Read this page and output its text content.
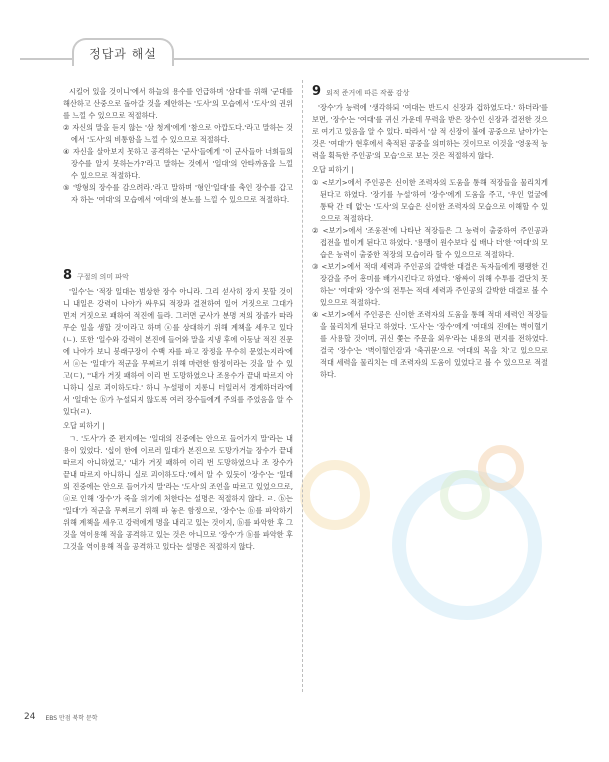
정답과 해설

시킬어 있을 것이니'에서 하늘의 용수를 언급하며 '삼대'를 위해 '군대를 해산하고 산중으로 돌아갈 것을 제안하는 '도사'의 모습에서 '도사'의 권위를 느낄 수 있으므로 적절하다.

② 자신의 말을 듣지 않는 '삼 청계'에게 '참으로 아깝도다.'라고 말하는 것에서 '도사'의 비통함을 느낄 수 있으므로 적절하다.

④ 자신을 살아보지 못하고 공격하는 '군사'들에게 '이 군사들아 너희들의 장수를 알지 못하는가?'라고 말하는 것에서 '일대'의 안타까움을 느낄 수 있으므로 적절하다.

⑤ '방형의 장수를 감으려라.'라고 말하며 '형인'일대'를 축인 장수를 갑고자 하는 '여대'의 모습에서 '여대'의 분노를 느낄 수 있으므로 적절하다.

8 구절의 의미 파악

'일수'는 '적장 일대는 범상한 장수 아니라. 그리 섣사히 장지 못할 것이니 내일은 강력이 나아가 싸우되 적장과 결전하여 일어 거짓으로 그대가 먼저 거짓으로 패하여 적진에 들라. 그러면 군사가 분명 저의 장졸가 따라 무순 일을 생할 것'이라고 하며 ⓐ를 상대하기 위해 계책을 세우고 있다(ㄴ). 또한 '일수와 강력이 본진에 들어와 말을 지냉 후에 이동날 적진 진문에 나아가 보니 봉래구장이 수백 자를 파고 장정을 무수히 문었는지라'에서 ⓐ는 '일대'가 적군을 무찌르기 위해 마련한 함정이라는 것을 알 수 있고(ㄷ), ''내가 거짓 패하여 이리 번 도망하였으나 조용수가 끝내 따르지 아니하니 실로 괴이하도다.' 하니 누설평이 지롱니 터일러서 경계하더라'에서 '일대'는 ⓑ가 누설되지 않도록 여러 장수들에게 주의를 주었음을 알 수 있다(ㄹ).

오답 피하기 |

ㄱ. '도사'가 준 편지에는 '일대의 진중에는 안으로 들어가지 말'라는 내용이 있었다. '십이 한에 이르러 일대가 본진으로 도망가거늘 장수가 끝내 따르지 아니하였고,' '내가 거짓 패하여 이리 번 도망하였으나 조 장수가 끝내 따르지 아니하니 실로 괴이하도다.'에서 알 수 있듯이 '장수'는 '일대의 진중에는 안으로 들어가지 말'라는 '도사'의 조언을 따르고 있었으므로, ⓐ로 인해 '장수'가 죽을 위기에 처한다는 설명은 적절하지 않다. ㄹ. ⓑ는 '일대'가 적군을 무찌르기 위해 파 놓은 함정으로, '장수'는 ⓑ를 파악하기 위해 계책을 세우고 강력에게 명을 내리고 있는 것이지, ⓑ를 파악한 후 그것을 역이용해 적을 공격하고 있는 것은 아니므로 '장수'가 ⓑ를 파악한 후 그것을 역이용해 적을 공격하고 있다는 설명은 적절하지 않다.

9 외적 준거에 따른 작품 감상

'장수'가 능력에 '생각하되 '여대는 반드시 신장과 겁하였도다.' 하더라'를 보면, '장수'는 '여대'를 귀신 가운데 무력을 받은 장수인 신장과 결전한 것으로 여기고 있음을 알 수 있다. 따라서 '살 적 신장이 불에 공중으로 날아가'는 것은 '여대'가 현후에서 축적된 공중을 의미하는 것이므로 이것을 '영웅적 능력을 획득한 주인공'의 모습'으로 보는 것은 적절하지 않다.

오답 피하기 |

① <보기>에서 주인공은 신이한 조력자의 도움을 통해 적장들을 물리치게 된다고 하였다. '장기를 누설'하여 '장수'에게 도움을 주고, '우인 얼굴에 통탁 간 데 없'는 '도사'의 모습은 신이한 조력자의 모습으로 이해할 수 있으므로 적절하다.

② <보기>에서 '조웅전'에 나타난 적장들은 그 능력이 출중하여 주인공과 접전을 벌이게 된다고 하였다. '용맹이 원수보다 십 배나 더'한 '여대'의 모습은 능력이 출중한 적장의 모습이라 할 수 있으므로 적절하다.

③ <보기>에서 적대 세력과 주인공의 갈박한 대결은 독자들에게 팽팽한 긴장감을 주어 흥미를 배가시킨다고 하였다. '왕싸이 위해 수투를 결단치 못하는' '여대'와 '장수'의 전투는 적대 세력과 주인공의 갈박한 대결로 볼 수 있으므로 적절하다.

④ <보기>에서 주인공은 신이한 조력자의 도움을 통해 적대 세력인 적장들을 물리치게 된다고 하였다. '도사'는 '장수'에게 '여대의 진에는 벽이혈기를 사용할 것이며, 귀신 쫓는 주문을 외우'라는 내용의 편지를 전하였다. 결국 '장수'는 '벽이혈인검'과 '축귀문'으로 '여대의 목을 치'고 있으므로 적대 세력을 물리치는 데 조력자의 도움이 있었다고 볼 수 있으므로 적절하다.

24 EBS 만점 북학 문학
